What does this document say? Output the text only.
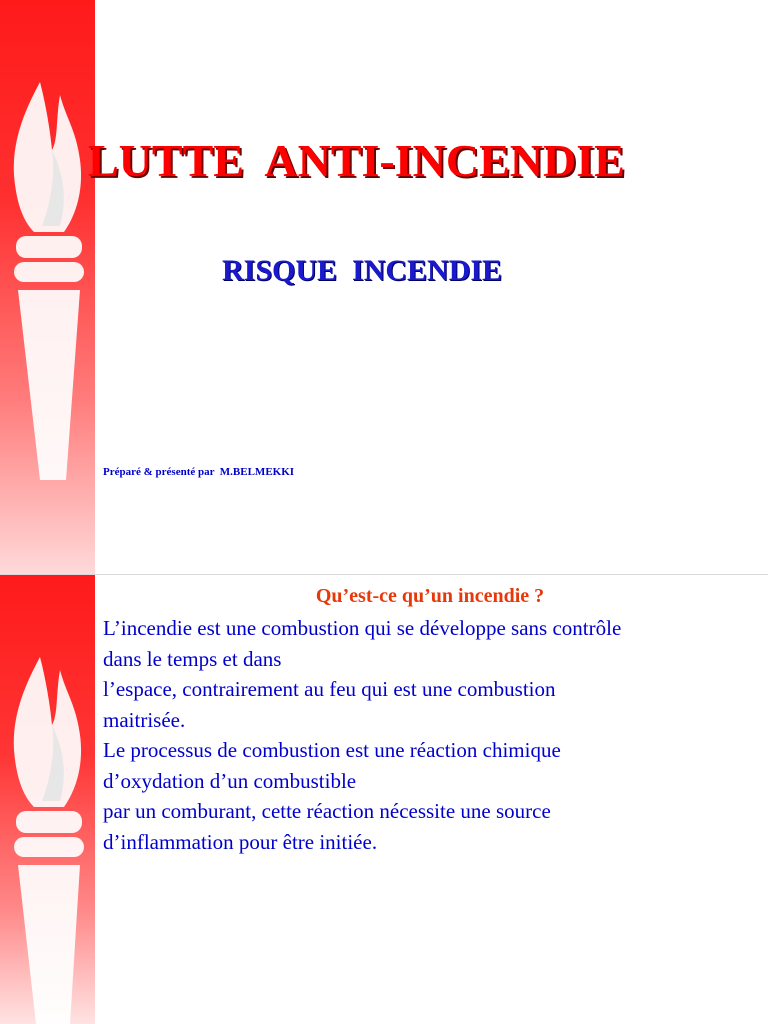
LUTTE  ANTI-INCENDIE
RISQUE  INCENDIE

Préparé & présenté par  M.BELMEKKI

Qu’est-ce qu’un incendie ?
L’incendie est une combustion qui se développe sans contrôle
dans le temps et dans
l’espace, contrairement au feu qui est une combustion
maitrisée.
Le processus de combustion est une réaction chimique
d’oxydation d’un combustible
par un comburant, cette réaction nécessite une source
d’inflammation pour être initiée.
